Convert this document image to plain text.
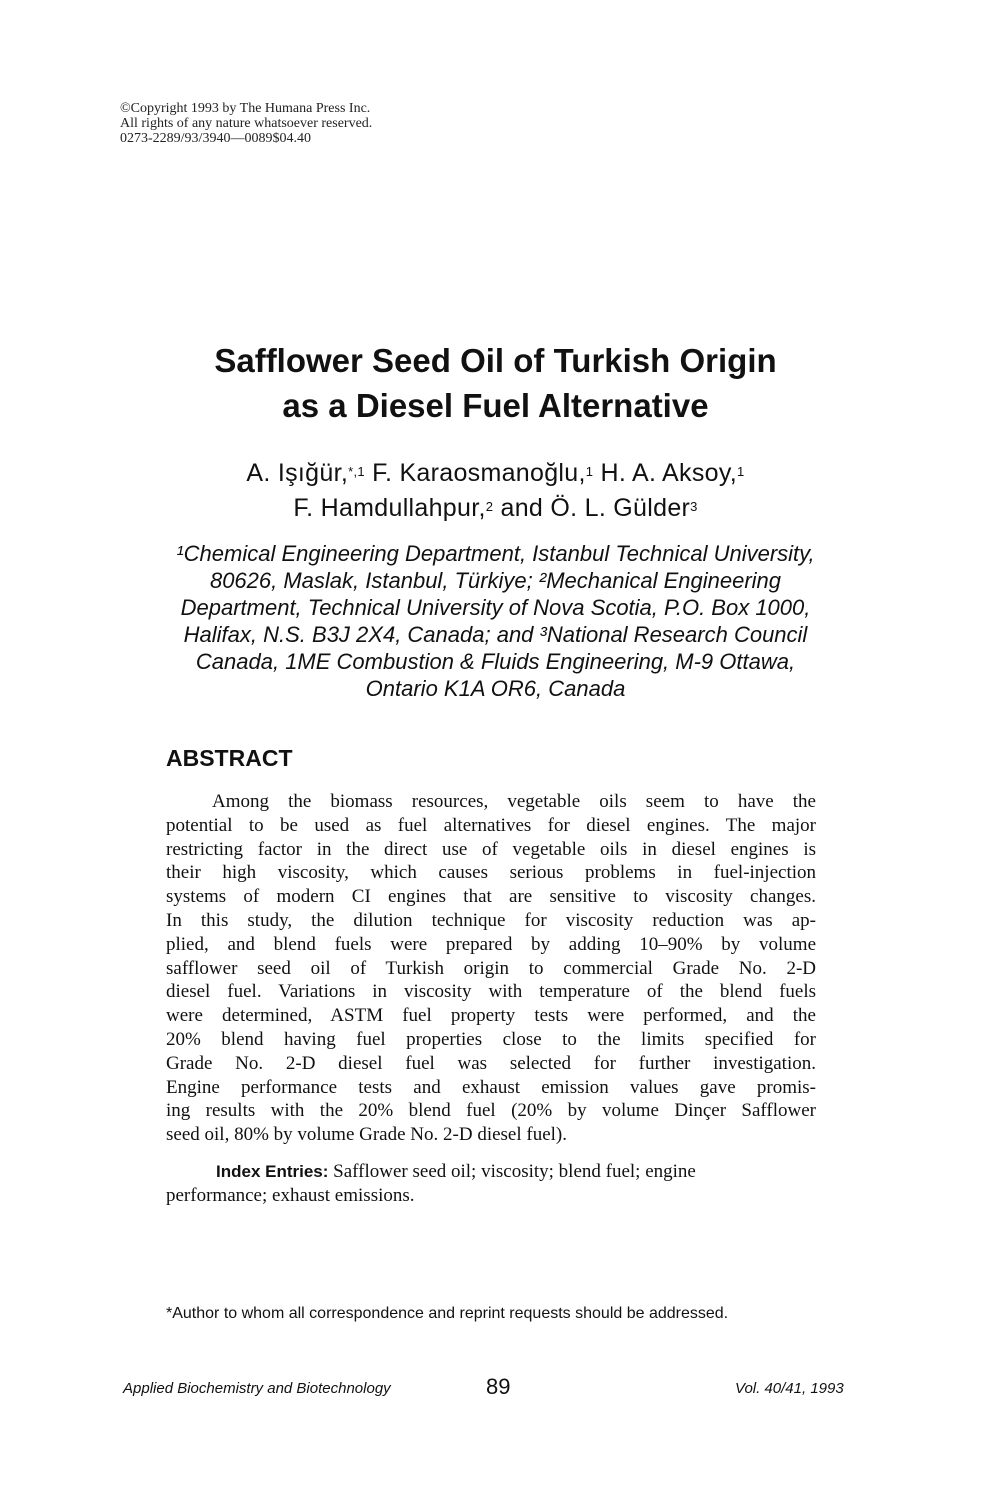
©Copyright 1993 by The Humana Press Inc.
All rights of any nature whatsoever reserved.
0273-2289/93/3940—0089$04.40
Safflower Seed Oil of Turkish Origin
as a Diesel Fuel Alternative
A. Işığür,$^{*,1}$ F. Karaosmanoğlu,$^1$ H. A. Aksoy,$^1$
F. Hamdullahpur,$^2$ and Ö. L. Gülder$^3$
¹Chemical Engineering Department, Istanbul Technical University,
80626, Maslak, Istanbul, Türkiye; ²Mechanical Engineering
Department, Technical University of Nova Scotia, P.O. Box 1000,
Halifax, N.S. B3J 2X4, Canada; and ³National Research Council
Canada, 1ME Combustion & Fluids Engineering, M-9 Ottawa,
Ontario K1A OR6, Canada
ABSTRACT
Among the biomass resources, vegetable oils seem to have the
potential to be used as fuel alternatives for diesel engines. The major
restricting factor in the direct use of vegetable oils in diesel engines is
their high viscosity, which causes serious problems in fuel-injection
systems of modern CI engines that are sensitive to viscosity changes.
In this study, the dilution technique for viscosity reduction was ap-
plied, and blend fuels were prepared by adding 10–90% by volume
safflower seed oil of Turkish origin to commercial Grade No. 2-D
diesel fuel. Variations in viscosity with temperature of the blend fuels
were determined, ASTM fuel property tests were performed, and the
20% blend having fuel properties close to the limits specified for
Grade No. 2-D diesel fuel was selected for further investigation.
Engine performance tests and exhaust emission values gave promis-
ing results with the 20% blend fuel (20% by volume Dinçer Safflower
seed oil, 80% by volume Grade No. 2-D diesel fuel).
Index Entries: Safflower seed oil; viscosity; blend fuel; engine
performance; exhaust emissions.
*Author to whom all correspondence and reprint requests should be addressed.
Applied Biochemistry and Biotechnology	89	Vol. 40/41, 1993
